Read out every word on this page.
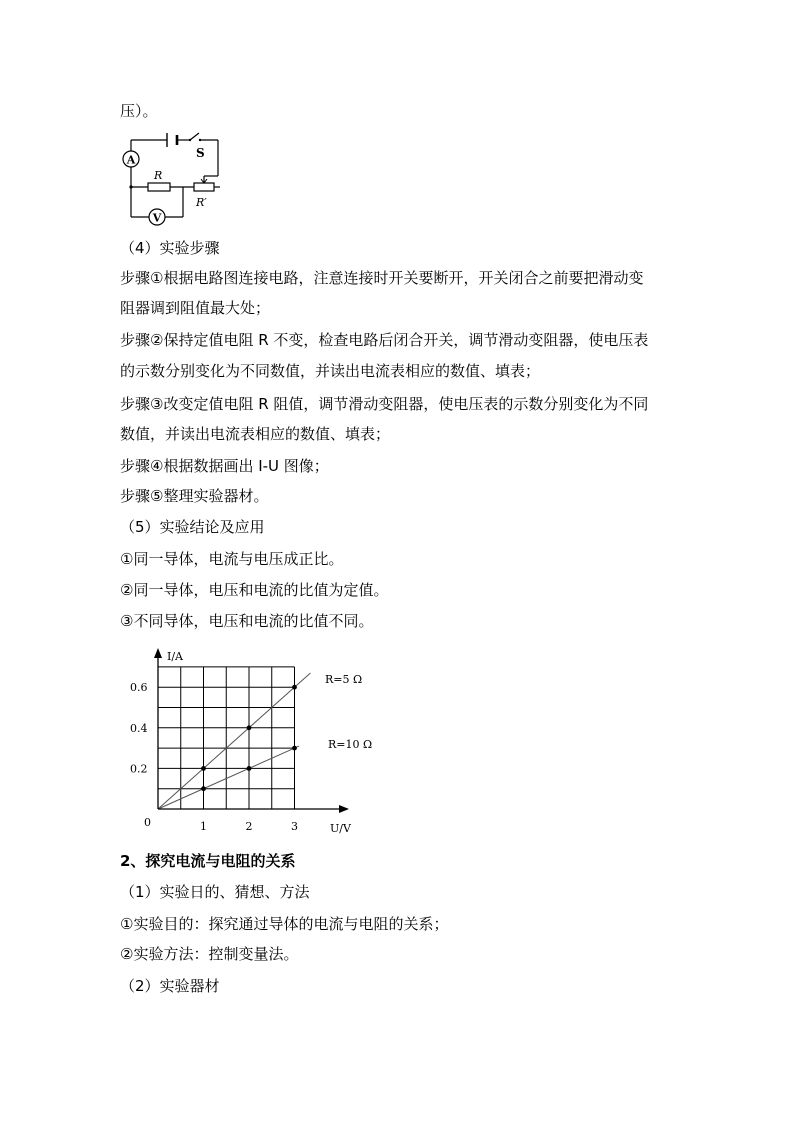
压）。

S
A
R
R′
V

（4）实验步骤

步骤①根据电路图连接电路，注意连接时开关要断开，开关闭合之前要把滑动变

阻器调到阻值最大处；

步骤②保持定值电阻 R 不变，检查电路后闭合开关，调节滑动变阻器，使电压表

的示数分别变化为不同数值，并读出电流表相应的数值、填表；

步骤③改变定值电阻 R 阻值，调节滑动变阻器，使电压表的示数分别变化为不同

数值，并读出电流表相应的数值、填表；

步骤④根据数据画出 I-U 图像；

步骤⑤整理实验器材。

（5）实验结论及应用

①同一导体，电流与电压成正比。

②同一导体，电压和电流的比值为定值。

③不同导体，电压和电流的比值不同。

1	2	3
0.2
0.4
0.6
0
I/A
U/V
R=5 Ω
R=10 Ω

2、探究电流与电阻的关系

（1）实验日的、猜想、方法

①实验目的：探究通过导体的电流与电阻的关系；

②实验方法：控制变量法。

（2）实验器材
